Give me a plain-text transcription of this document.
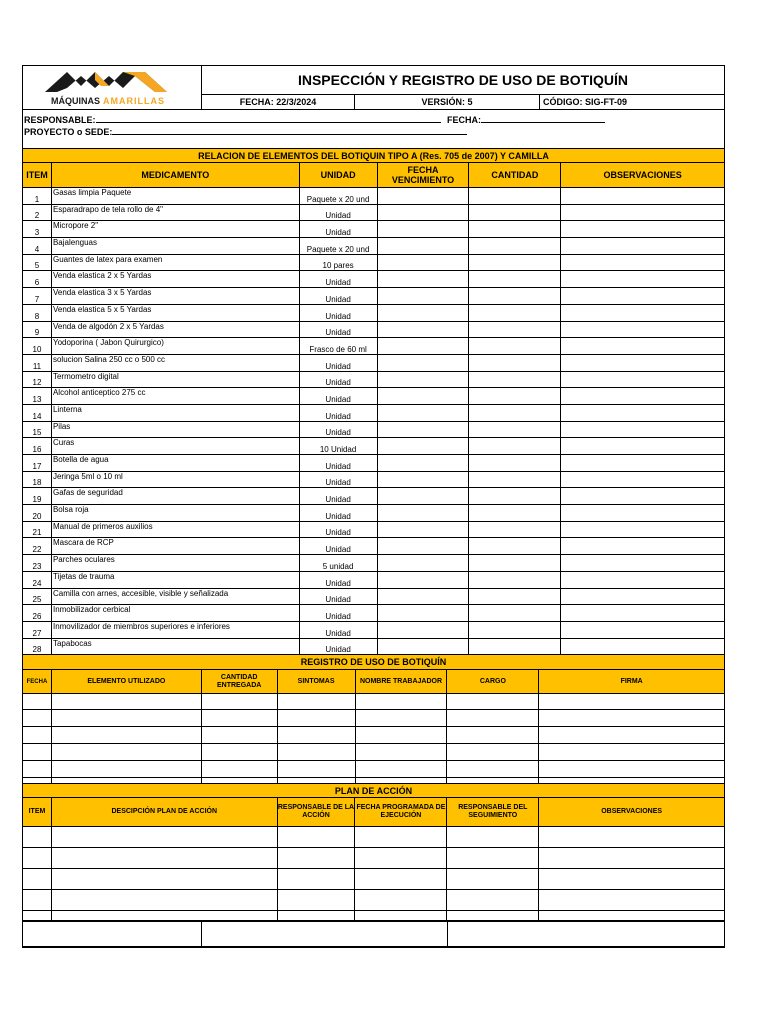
MÁQUINAS AMARILLAS
INSPECCIÓN Y REGISTRO DE USO DE BOTIQUÍN
FECHA: 22/3/2024	VERSIÓN: 5	CÓDIGO: SIG-FT-09
RESPONSABLE:	FECHA:
PROYECTO o SEDE:
RELACION DE ELEMENTOS DEL BOTIQUIN TIPO A (Res. 705 de 2007) Y CAMILLA
ITEM	MEDICAMENTO	UNIDAD	FECHA VENCIMIENTO	CANTIDAD	OBSERVACIONES
1	Gasas limpia Paquete	Paquete x 20 und			
2	Esparadrapo de tela rollo de 4"	Unidad			
3	Micropore 2"	Unidad			
4	Bajalenguas	Paquete x 20 und			
5	Guantes de latex para examen	10 pares			
6	Venda elastica 2 x 5 Yardas	Unidad			
7	Venda elastica 3 x 5 Yardas	Unidad			
8	Venda elastica 5 x 5 Yardas	Unidad			
9	Venda de algodón 2 x 5 Yardas	Unidad			
10	Yodoporina ( Jabon Quirurgico)	Frasco de 60 ml			
11	solucion Salina 250 cc o 500 cc	Unidad			
12	Termometro digital	Unidad			
13	Alcohol anticeptico 275 cc	Unidad			
14	Linterna	Unidad			
15	Pilas	Unidad			
16	Curas	10 Unidad			
17	Botella de agua	Unidad			
18	Jeringa 5ml o 10 ml	Unidad			
19	Gafas de seguridad	Unidad			
20	Bolsa roja	Unidad			
21	Manual de primeros auxilios	Unidad			
22	Mascara de RCP	Unidad			
23	Parches oculares	5 unidad			
24	Tijetas de trauma	Unidad			
25	Camilla con arnes, accesible, visible y señalizada	Unidad			
26	Inmobilizador cerbical	Unidad			
27	Inmovilizador de miembros superiores e inferiores	Unidad			
28	Tapabocas	Unidad			
REGISTRO DE USO DE BOTIQUÍN
FECHA	ELEMENTO UTILIZADO	CANTIDAD ENTREGADA	SINTOMAS	NOMBRE TRABAJADOR	CARGO	FIRMA

PLAN DE ACCIÓN
ITEM	DESCIPCIÓN PLAN DE ACCIÓN	RESPONSABLE DE LA ACCIÓN	FECHA PROGRAMADA DE EJECUCIÓN	RESPONSABLE DEL SEGUIMIENTO	OBSERVACIONES
